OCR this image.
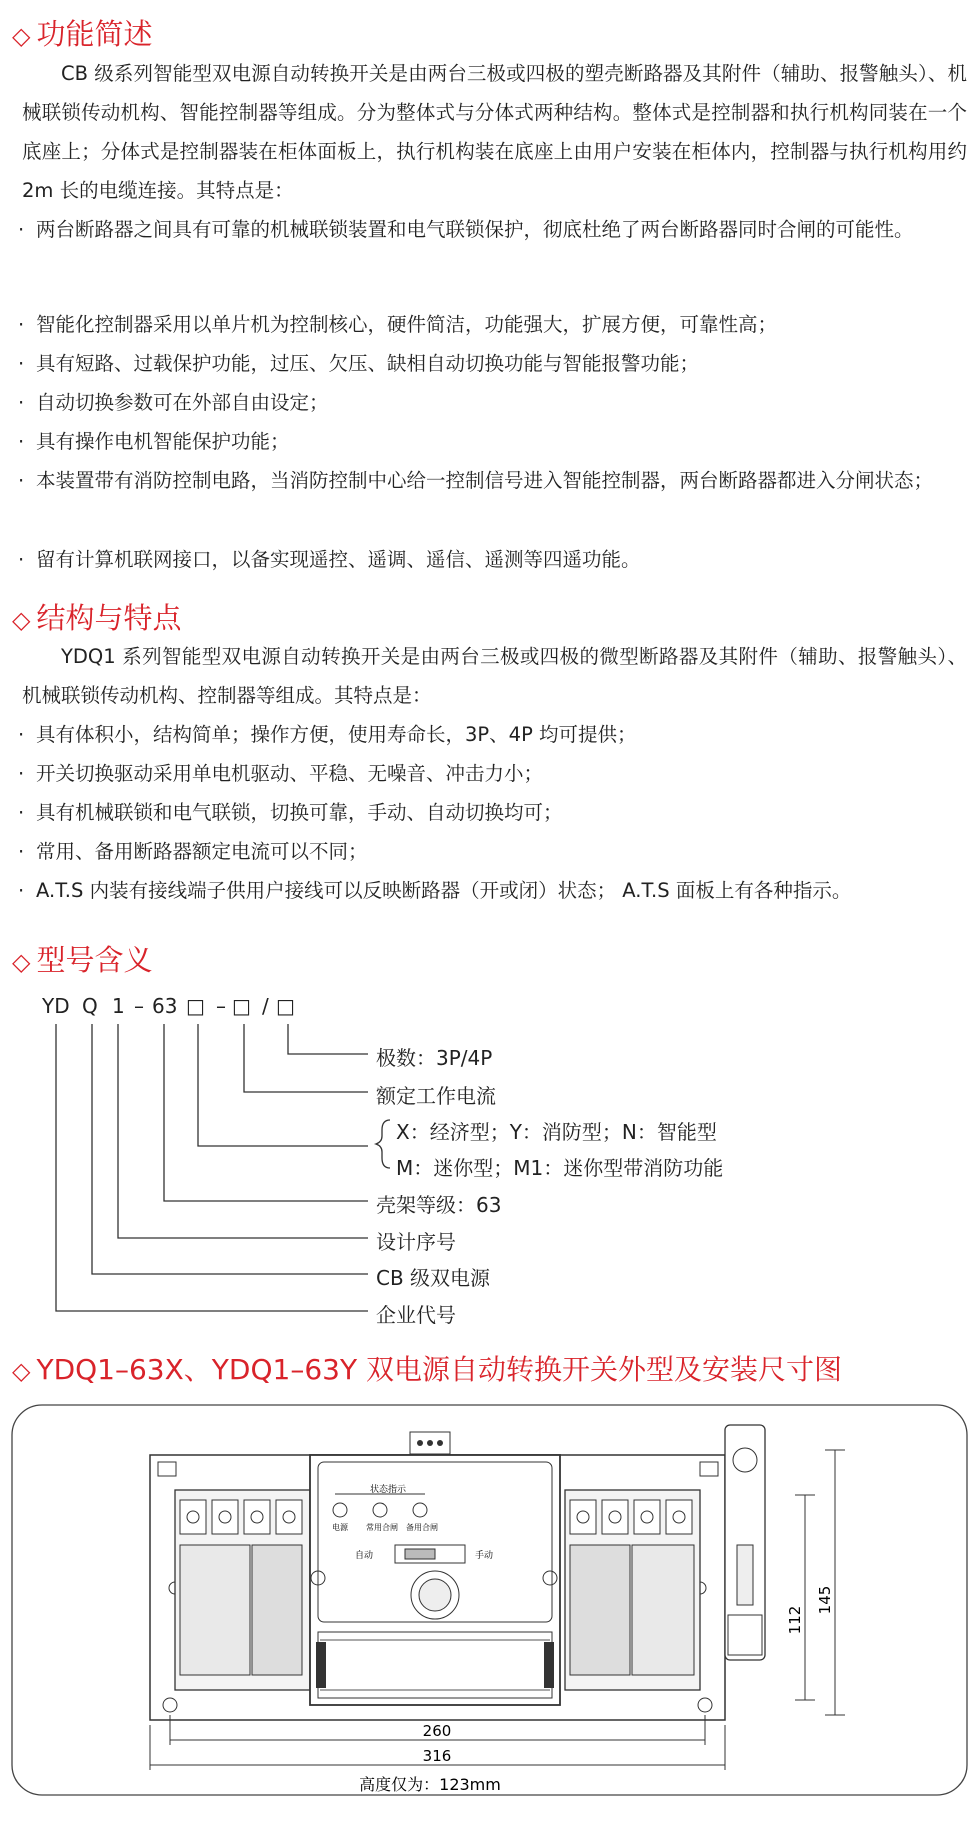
◇ 功能简述
CB 级系列智能型双电源自动转换开关是由两台三极或四极的塑壳断路器及其附件（辅助、报警触头）、机械联锁传动机构、智能控制器等组成。分为整体式与分体式两种结构。整体式是控制器和执行机构同装在一个底座上；分体式是控制器装在柜体面板上，执行机构装在底座上由用户安装在柜体内，控制器与执行机构用约 2m 长的电缆连接。其特点是：
· 两台断路器之间具有可靠的机械联锁装置和电气联锁保护，彻底杜绝了两台断路器同时合闸的可能性。
· 智能化控制器采用以单片机为控制核心，硬件简洁，功能强大，扩展方便，可靠性高；
· 具有短路、过载保护功能，过压、欠压、缺相自动切换功能与智能报警功能；
· 自动切换参数可在外部自由设定；
· 具有操作电机智能保护功能；
· 本装置带有消防控制电路，当消防控制中心给一控制信号进入智能控制器，两台断路器都进入分闸状态；
· 留有计算机联网接口，以备实现遥控、遥调、遥信、遥测等四遥功能。
◇ 结构与特点
YDQ1 系列智能型双电源自动转换开关是由两台三极或四极的微型断路器及其附件（辅助、报警触头）、机械联锁传动机构、控制器等组成。其特点是：
· 具有体积小，结构简单；操作方便，使用寿命长，3P、4P 均可提供；
· 开关切换驱动采用单电机驱动、平稳、无噪音、冲击力小；
· 具有机械联锁和电气联锁，切换可靠，手动、自动切换均可；
· 常用、备用断路器额定电流可以不同；
· A.T.S 内装有接线端子供用户接线可以反映断路器（开或闭）状态； A.T.S 面板上有各种指示。
◇ 型号含义
YD Q 1 – 63 □ – □ / □
极数：3P/4P
额定工作电流
X：经济型；Y：消防型；N：智能型
M：迷你型；M1：迷你型带消防功能
壳架等级：63
设计序号
CB 级双电源
企业代号
◇ YDQ1–63X、YDQ1–63Y 双电源自动转换开关外型及安装尺寸图
状态指示
电源 常用合闸 备用合闸
自动	手动
112
145
260
316
高度仅为：123mm
